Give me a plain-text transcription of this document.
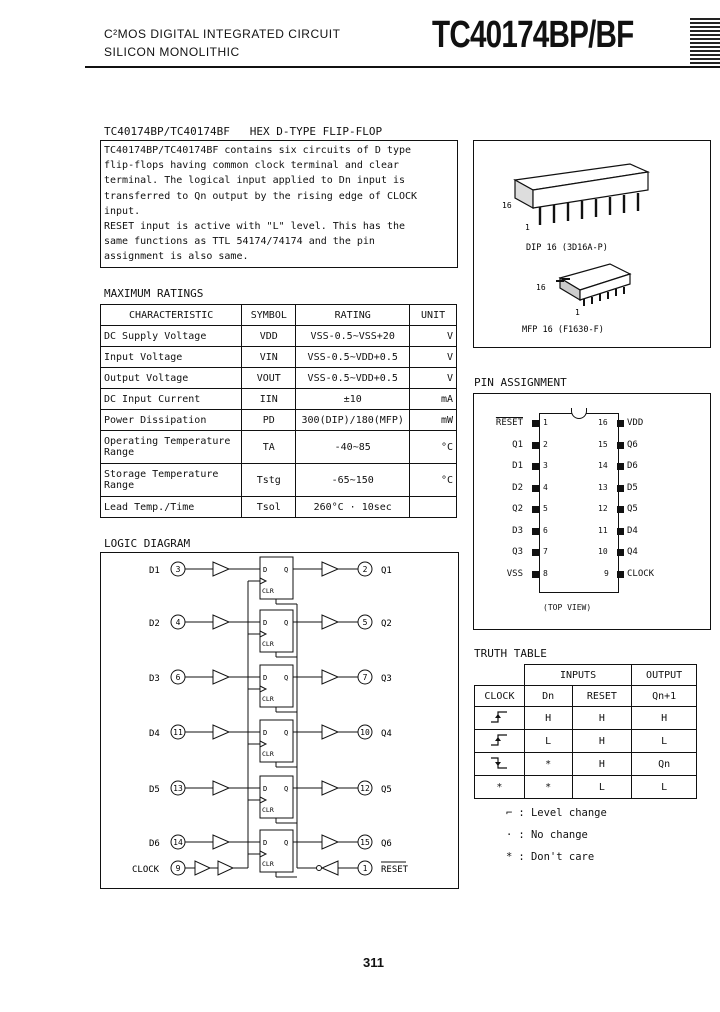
C²MOS DIGITAL INTEGRATED CIRCUIT
SILICON MONOLITHIC	TC40174BP/BF
TC40174BP/TC40174BF HEX D-TYPE FLIP-FLOP
TC40174BP/TC40174BF contains six circuits of D type
flip-flops having common clock terminal and clear
terminal. The logical input applied to Dn input is
transferred to Qn output by the rising edge of CLOCK
input.
RESET input is active with "L" level. This has the
same functions as TTL 54174/74174 and the pin
assignment is also same.
16
1
DIP 16 (3D16A-P)
16
1
MFP 16 (F1630-F)
MAXIMUM RATINGS
CHARACTERISTIC	SYMBOL	RATING	UNIT
DC Supply Voltage	VDD	VSS-0.5~VSS+20	V
Input Voltage	VIN	VSS-0.5~VDD+0.5	V
Output Voltage	VOUT	VSS-0.5~VDD+0.5	V
DC Input Current	IIN	±10	mA
Power Dissipation	PD	300(DIP)/180(MFP)	mW
Operating Temperature Range	TA	-40~85	°C
Storage Temperature Range	Tstg	-65~150	°C
Lead Temp./Time	Tsol	260°C · 10sec	
PIN ASSIGNMENT
(TOP VIEW)
RESET	1
Q1	2
D1	3
D2	4
Q2	5
D3	6
Q3	7
VSS	8
16 VDD
15 Q6
14 D6
13 D5
12 Q5
11 D4
10 Q4
9 CLOCK
LOGIC DIAGRAM
D1 3	D Q
CLR
2 Q1
D2 4	D Q
CLR
5 Q2
D3 6	D Q
CLR
7 Q3
D4 11	D Q
CLR
10 Q4
D5 13	D Q
CLR
12 Q5
D6 14	D Q
CLR
15 Q6
CLOCK 9	1 RESET
TRUTH TABLE
	INPUTS		OUTPUT
CLOCK	Dn	RESET	Qn+1
	H	H	H
	L	H	L
	*	H	Qn
*	*	L	L
⌐ : Level change
· : No change
* : Don't care
311
